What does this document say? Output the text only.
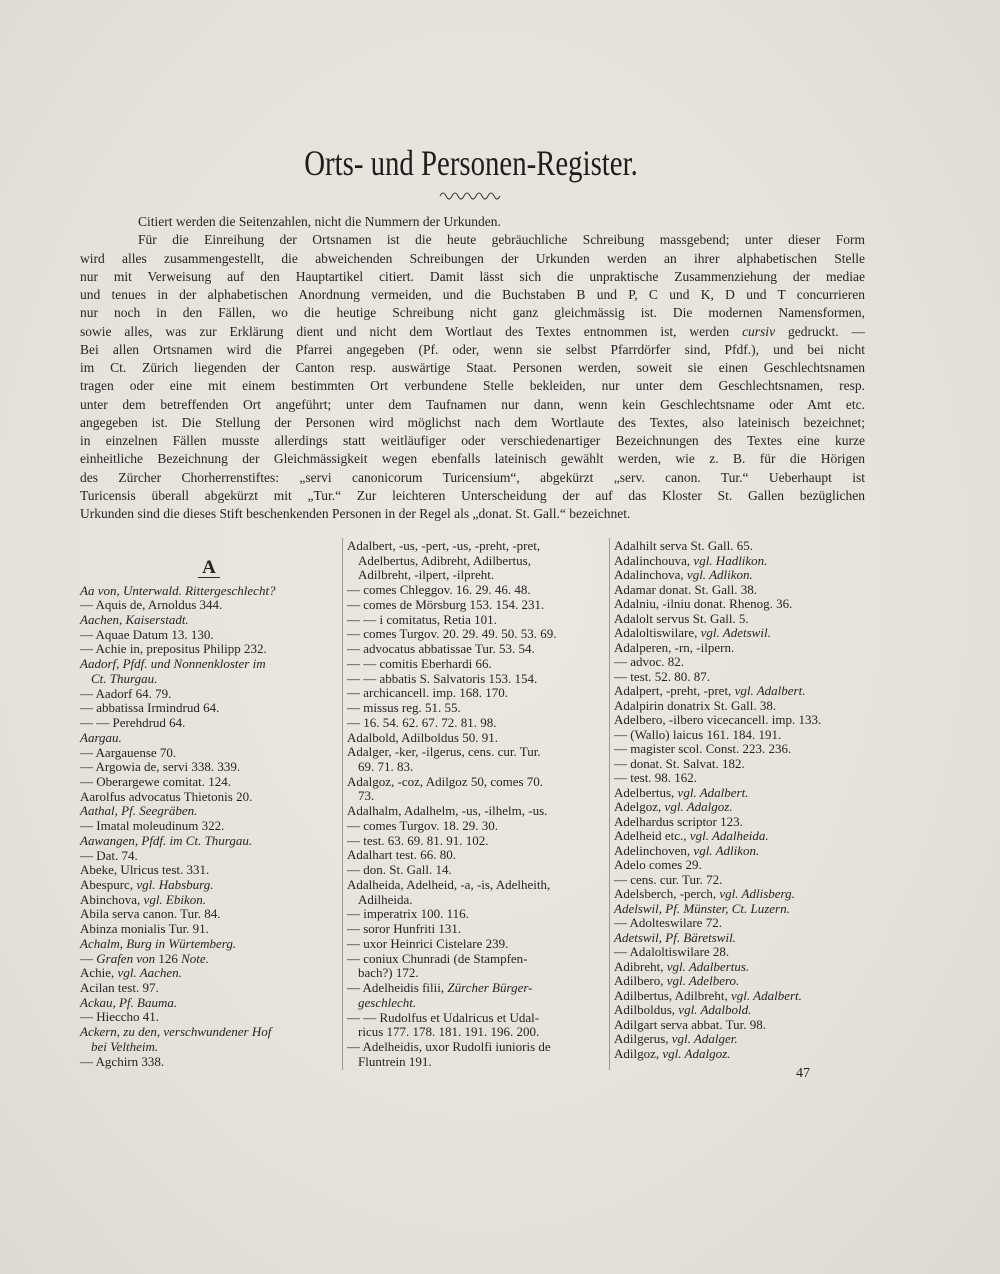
Orts- und Personen-Register.
Citiert werden die Seitenzahlen, nicht die Nummern der Urkunden.
Für die Einreihung der Ortsnamen ist die heute gebräuchliche Schreibung massgebend; unter dieser Form
wird alles zusammengestellt, die abweichenden Schreibungen der Urkunden werden an ihrer alphabetischen Stelle
nur mit Verweisung auf den Hauptartikel citiert. Damit lässt sich die unpraktische Zusammenziehung der mediae
und tenues in der alphabetischen Anordnung vermeiden, und die Buchstaben B und P, C und K, D und T concurrieren
nur noch in den Fällen, wo die heutige Schreibung nicht ganz gleichmässig ist. Die modernen Namensformen,
sowie alles, was zur Erklärung dient und nicht dem Wortlaut des Textes entnommen ist, werden cursiv gedruckt. —
Bei allen Ortsnamen wird die Pfarrei angegeben (Pf. oder, wenn sie selbst Pfarrdörfer sind, Pfdf.), und bei nicht
im Ct. Zürich liegenden der Canton resp. auswärtige Staat. Personen werden, soweit sie einen Geschlechtsnamen
tragen oder eine mit einem bestimmten Ort verbundene Stelle bekleiden, nur unter dem Geschlechtsnamen, resp.
unter dem betreffenden Ort angeführt; unter dem Taufnamen nur dann, wenn kein Geschlechtsname oder Amt etc.
angegeben ist. Die Stellung der Personen wird möglichst nach dem Wortlaute des Textes, also lateinisch bezeichnet;
in einzelnen Fällen musste allerdings statt weitläufiger oder verschiedenartiger Bezeichnungen des Textes eine kurze
einheitliche Bezeichnung der Gleichmässigkeit wegen ebenfalls lateinisch gewählt werden, wie z. B. für die Hörigen
des Zürcher Chorherrenstiftes: „servi canonicorum Turicensium“, abgekürzt „serv. canon. Tur.“ Ueberhaupt ist
Turicensis überall abgekürzt mit „Tur.“ Zur leichteren Unterscheidung der auf das Kloster St. Gallen bezüglichen
Urkunden sind die dieses Stift beschenkenden Personen in der Regel als „donat. St. Gall.“ bezeichnet.
A
Aa von, Unterwald. Rittergeschlecht?
— Aquis de, Arnoldus 344.
Aachen, Kaiserstadt.
— Aquae Datum 13. 130.
— Achie in, prepositus Philipp 232.
Aadorf, Pfdf. und Nonnenkloster im
Ct. Thurgau.
— Aadorf 64. 79.
— abbatissa Irmindrud 64.
— — Perehdrud 64.
Aargau.
— Aargauense 70.
— Argowia de, servi 338. 339.
— Oberargewe comitat. 124.
Aarolfus advocatus Thietonis 20.
Aathal, Pf. Seegräben.
— Imatal moleudinum 322.
Aawangen, Pfdf. im Ct. Thurgau.
— Dat. 74.
Abeke, Ulricus test. 331.
Abespurc, vgl. Habsburg.
Abinchova, vgl. Ebikon.
Abila serva canon. Tur. 84.
Abinza monialis Tur. 91.
Achalm, Burg in Würtemberg.
— Grafen von 126 Note.
Achie, vgl. Aachen.
Acilan test. 97.
Ackau, Pf. Bauma.
— Hieccho 41.
Ackern, zu den, verschwundener Hof
bei Veltheim.
— Agchirn 338.
Adalbert, -us, -pert, -us, -preht, -pret,
Adelbertus, Adibreht, Adilbertus,
Adilbreht, -ilpert, -ilpreht.
— comes Chleggov. 16. 29. 46. 48.
— comes de Mörsburg 153. 154. 231.
— — i comitatus, Retia 101.
— comes Turgov. 20. 29. 49. 50. 53. 69.
— advocatus abbatissae Tur. 53. 54.
— — comitis Eberhardi 66.
— — abbatis S. Salvatoris 153. 154.
— archicancell. imp. 168. 170.
— missus reg. 51. 55.
— 16. 54. 62. 67. 72. 81. 98.
Adalbold, Adilboldus 50. 91.
Adalger, -ker, -ilgerus, cens. cur. Tur.
69. 71. 83.
Adalgoz, -coz, Adilgoz 50, comes 70.
73.
Adalhalm, Adalhelm, -us, -ilhelm, -us.
— comes Turgov. 18. 29. 30.
— test. 63. 69. 81. 91. 102.
Adalhart test. 66. 80.
— don. St. Gall. 14.
Adalheida, Adelheid, -a, -is, Adelheith,
Adilheida.
— imperatrix 100. 116.
— soror Hunfriti 131.
— uxor Heinrici Cistelare 239.
— coniux Chunradi (de Stampfen-
bach?) 172.
— Adelheidis filii, Zürcher Bürger-
geschlecht.
— — Rudolfus et Udalricus et Udal-
ricus 177. 178. 181. 191. 196. 200.
— Adelheidis, uxor Rudolfi iunioris de
Fluntrein 191.
Adalhilt serva St. Gall. 65.
Adalinchouva, vgl. Hadlikon.
Adalinchova, vgl. Adlikon.
Adamar donat. St. Gall. 38.
Adalniu, -ilniu donat. Rhenog. 36.
Adalolt servus St. Gall. 5.
Adaloltiswilare, vgl. Adetswil.
Adalperen, -rn, -ilpern.
— advoc. 82.
— test. 52. 80. 87.
Adalpert, -preht, -pret, vgl. Adalbert.
Adalpirin donatrix St. Gall. 38.
Adelbero, -ilbero vicecancell. imp. 133.
— (Wallo) laicus 161. 184. 191.
— magister scol. Const. 223. 236.
— donat. St. Salvat. 182.
— test. 98. 162.
Adelbertus, vgl. Adalbert.
Adelgoz, vgl. Adalgoz.
Adelhardus scriptor 123.
Adelheid etc., vgl. Adalheida.
Adelinchoven, vgl. Adlikon.
Adelo comes 29.
— cens. cur. Tur. 72.
Adelsberch, -perch, vgl. Adlisberg.
Adelswil, Pf. Münster, Ct. Luzern.
— Adolteswilare 72.
Adetswil, Pf. Bäretswil.
— Adaloltiswilare 28.
Adibreht, vgl. Adalbertus.
Adilbero, vgl. Adelbero.
Adilbertus, Adilbreht, vgl. Adalbert.
Adilboldus, vgl. Adalbold.
Adilgart serva abbat. Tur. 98.
Adilgerus, vgl. Adalger.
Adilgoz, vgl. Adalgoz.
47
